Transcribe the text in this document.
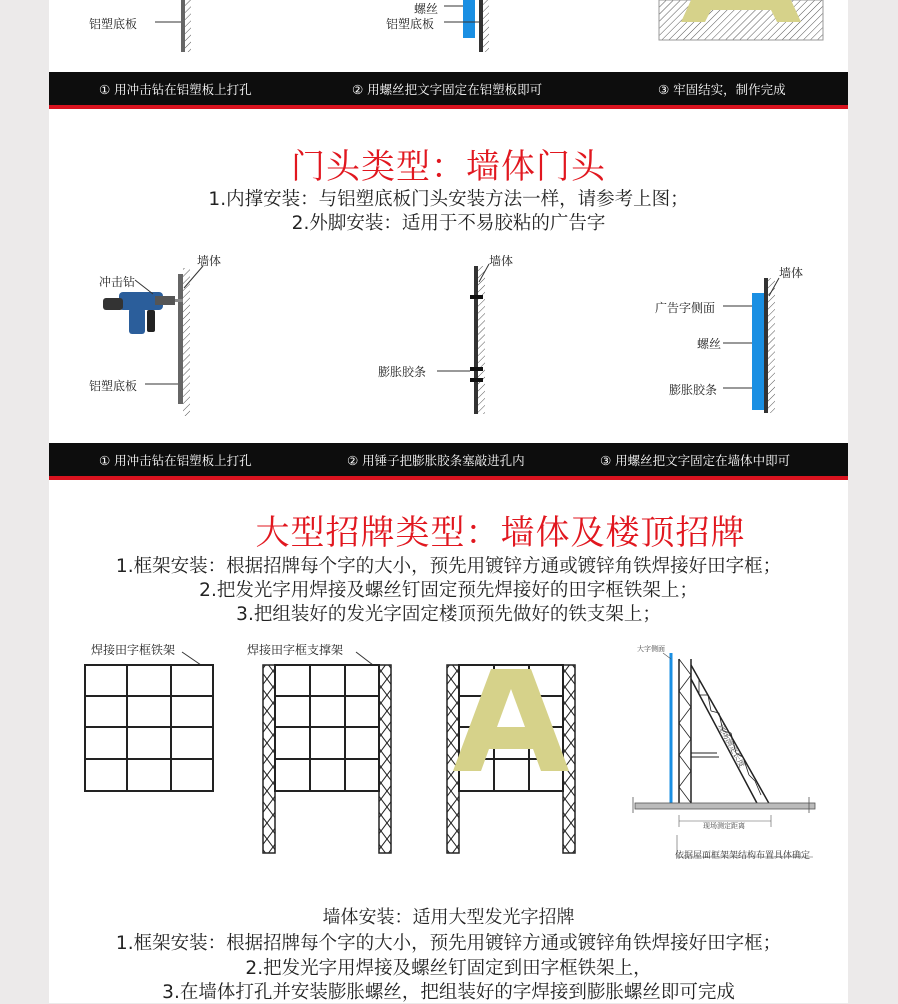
铝塑底板
螺丝
铝塑底板
① 用冲击钻在铝塑板上打孔	② 用螺丝把文字固定在铝塑板即可	③ 牢固结实，制作完成
门头类型：墙体门头
1.内撑安装：与铝塑底板门头安装方法一样，请参考上图；
2.外脚安装：适用于不易胶粘的广告字
墙体
冲击钻
铝塑底板
墙体
膨胀胶条
墙体
广告字侧面
螺丝
膨胀胶条
① 用冲击钻在铝塑板上打孔	② 用锤子把膨胀胶条塞敲进孔内	③ 用螺丝把文字固定在墙体中即可
大型招牌类型：墙体及楼顶招牌
1.框架安装：根据招牌每个字的大小，预先用镀锌方通或镀锌角铁焊接好田字框；
2.把发光字用焊接及螺丝钉固定预先焊接好的田字框铁架上；
3.把组装好的发光字固定楼顶预先做好的铁支架上；
焊接田字框铁架	焊接田字框支撑架	大字侧面
现场测定长度
现场测定距离
依据屋面框架架结构布置具体确定
墙体安装：适用大型发光字招牌
1.框架安装：根据招牌每个字的大小，预先用镀锌方通或镀锌角铁焊接好田字框；
2.把发光字用焊接及螺丝钉固定到田字框铁架上，
3.在墙体打孔并安装膨胀螺丝，把组装好的字焊接到膨胀螺丝即可完成
